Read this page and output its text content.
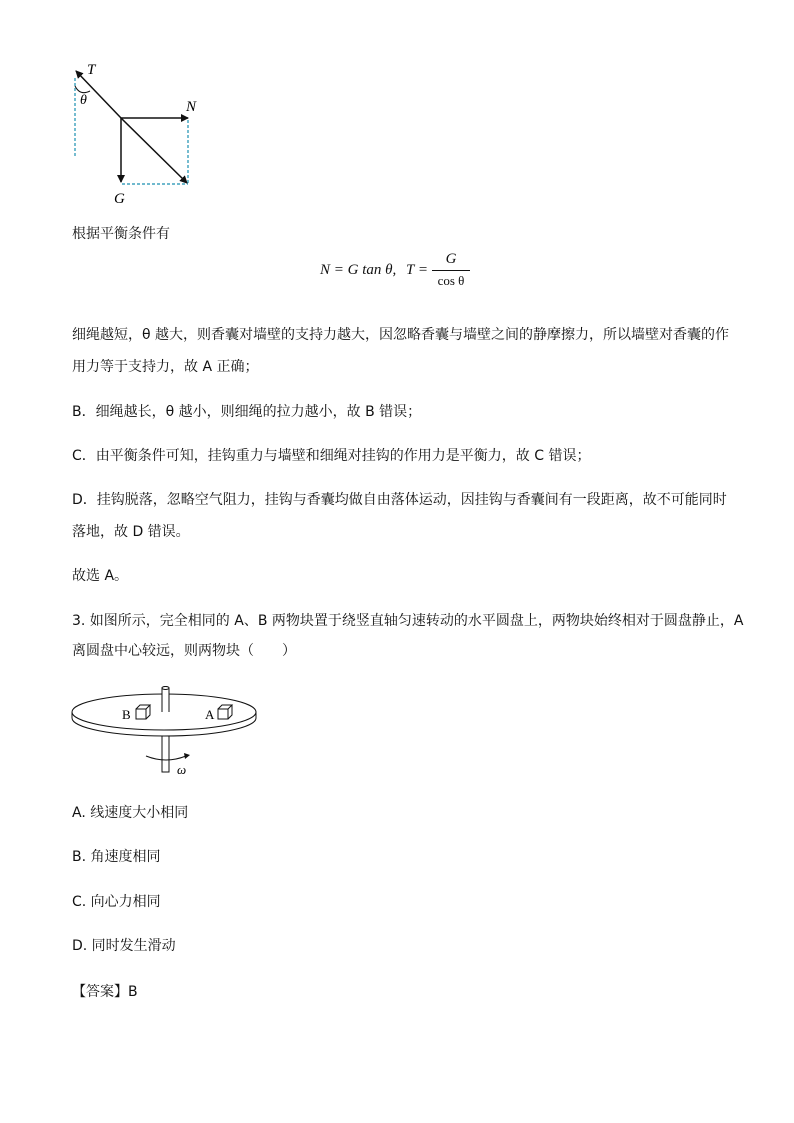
T
θ	N
G
根据平衡条件有
N = G tan θ, T =
G
cos θ
细绳越短，θ 越大，则香囊对墙壁的支持力越大，因忽略香囊与墙壁之间的静摩擦力，所以墙壁对香囊的作
用力等于支持力，故 A 正确；
B．细绳越长，θ 越小，则细绳的拉力越小，故 B 错误；
C．由平衡条件可知，挂钩重力与墙壁和细绳对挂钩的作用力是平衡力，故 C 错误；
D．挂钩脱落，忽略空气阻力，挂钩与香囊均做自由落体运动，因挂钩与香囊间有一段距离，故不可能同时
落地，故 D 错误。
故选 A。
3. 如图所示，完全相同的 A、B 两物块置于绕竖直轴匀速转动的水平圆盘上，两物块始终相对于圆盘静止，A
离圆盘中心较远，则两物块（　　）
B	A
ω
A. 线速度大小相同
B. 角速度相同
C. 向心力相同
D. 同时发生滑动
【答案】B
